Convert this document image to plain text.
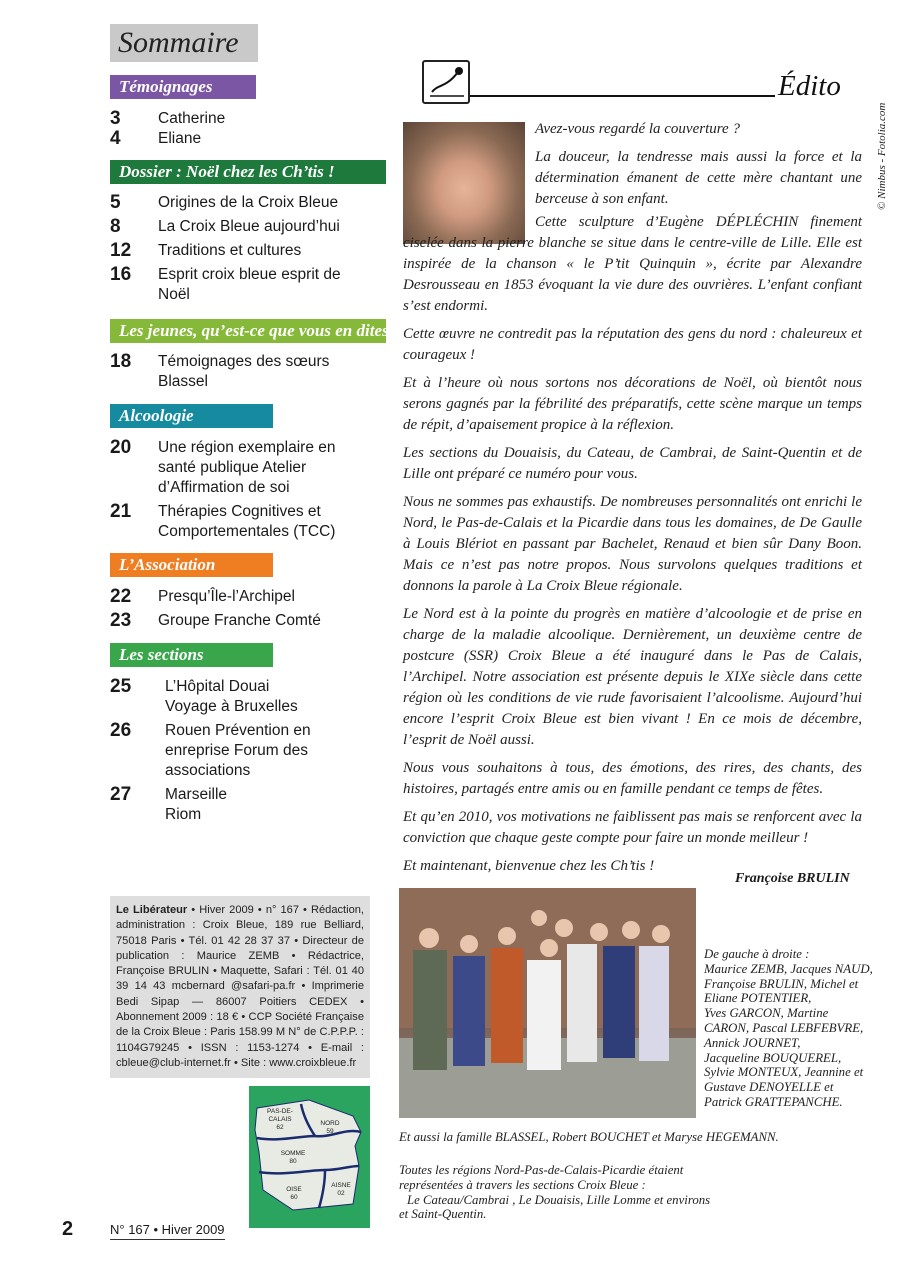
Sommaire
Témoignages
3	Catherine
4	Eliane
Dossier : Noël chez les Ch’tis !
5	Origines de la Croix Bleue
8	La Croix Bleue aujourd’hui
12	Traditions et cultures
16	Esprit croix bleue esprit de Noël
Les jeunes, qu’est-ce que vous en dites ?
18	Témoignages des sœurs Blassel
Alcoologie
20	Une région exemplaire en santé publique Atelier d’Affirmation de soi
21	Thérapies Cognitives et Comportementales (TCC)
L’Association
22	Presqu’Île-l’Archipel
23	Groupe Franche Comté
Les sections
25	L’Hôpital Douai Voyage à Bruxelles
26	Rouen Prévention en enreprise Forum des associations
27	Marseille Riom
Édito
© Nimbus - Fotolia.com

Avez-vous regardé la couverture ?

La douceur, la tendresse mais aussi la force et la détermination émanent de cette mère chantant une berceuse à son enfant.

Cette sculpture d’Eugène DÉPLÉCHIN finement ciselée dans la pierre blanche se situe dans le centre-ville de Lille. Elle est inspirée de la chanson « le P’tit Quinquin », écrite par Alexandre Desrousseau en 1853 évoquant la vie dure des ouvrières. L’enfant confiant s’est endormi.

Cette œuvre ne contredit pas la réputation des gens du nord : chaleureux et courageux !

Et à l’heure où nous sortons nos décorations de Noël, où bientôt nous serons gagnés par la fébrilité des préparatifs, cette scène marque un temps de répit, d’apaisement propice à la réflexion.

Les sections du Douaisis, du Cateau, de Cambrai, de Saint-Quentin et de Lille ont préparé ce numéro pour vous.

Nous ne sommes pas exhaustifs. De nombreuses personnalités ont enrichi le Nord, le Pas-de-Calais et la Picardie dans tous les domaines, de De Gaulle à Louis Blériot en passant par Bachelet, Renaud et bien sûr Dany Boon. Mais ce n’est pas notre propos. Nous survolons quelques traditions et donnons la parole à La Croix Bleue régionale.

Le Nord est à la pointe du progrès en matière d’alcoologie et de prise en charge de la maladie alcoolique. Dernièrement, un deuxième centre de postcure (SSR) Croix Bleue a été inauguré dans le Pas de Calais, l’Archipel. Notre association est présente depuis le XIXe siècle dans cette région où les conditions de vie rude favorisaient l’alcoolisme. Aujourd’hui encore l’esprit Croix Bleue est bien vivant ! En ce mois de décembre, l’esprit de Noël aussi.

Nous vous souhaitons à tous, des émotions, des rires, des chants, des histoires, partagés entre amis ou en famille pendant ce temps de fêtes.

Et qu’en 2010, vos motivations ne faiblissent pas mais se renforcent avec la conviction que chaque geste compte pour faire un monde meilleur !

Et maintenant, bienvenue chez les Ch’tis !

Françoise BRULIN
Le Libérateur • Hiver 2009 • n° 167 • Rédaction, administration : Croix Bleue, 189 rue Belliard, 75018 Paris • Tél. 01 42 28 37 37 • Directeur de publication : Maurice ZEMB • Rédactrice, Françoise BRULIN • Maquette, Safari : Tél. 01 40 39 14 43 mcbernard @safari-pa.fr • Imprimerie Bedi Sipap — 86007 Poitiers CEDEX • Abonnement 2009 : 18 € • CCP Société Française de la Croix Bleue : Paris 158.99 M N° de C.P.P.P. : 1104G79245 • ISSN : 1153-1274 • E-mail : cbleue@club-internet.fr • Site : www.croixbleue.fr
PAS-DE-CALAIS
62
NORD
59
SOMME
80
AISNE
02
OISE
60
2	N° 167 • Hiver 2009
De gauche à droite :
Maurice ZEMB, Jacques NAUD,
Françoise BRULIN, Michel et
Eliane POTENTIER,
Yves GARCON, Martine
CARON, Pascal LEBFEBVRE,
Annick JOURNET,
Jacqueline BOUQUEREL,
Sylvie MONTEUX, Jeannine et
Gustave DENOYELLE et
Patrick GRATTEPANCHE.
Et aussi la famille BLASSEL, Robert BOUCHET et Maryse HEGEMANN.
Toutes les régions Nord-Pas-de-Calais-Picardie étaient
représentées à travers les sections Croix Bleue :
Le Cateau/Cambrai , Le Douaisis, Lille Lomme et environs
et Saint-Quentin.
